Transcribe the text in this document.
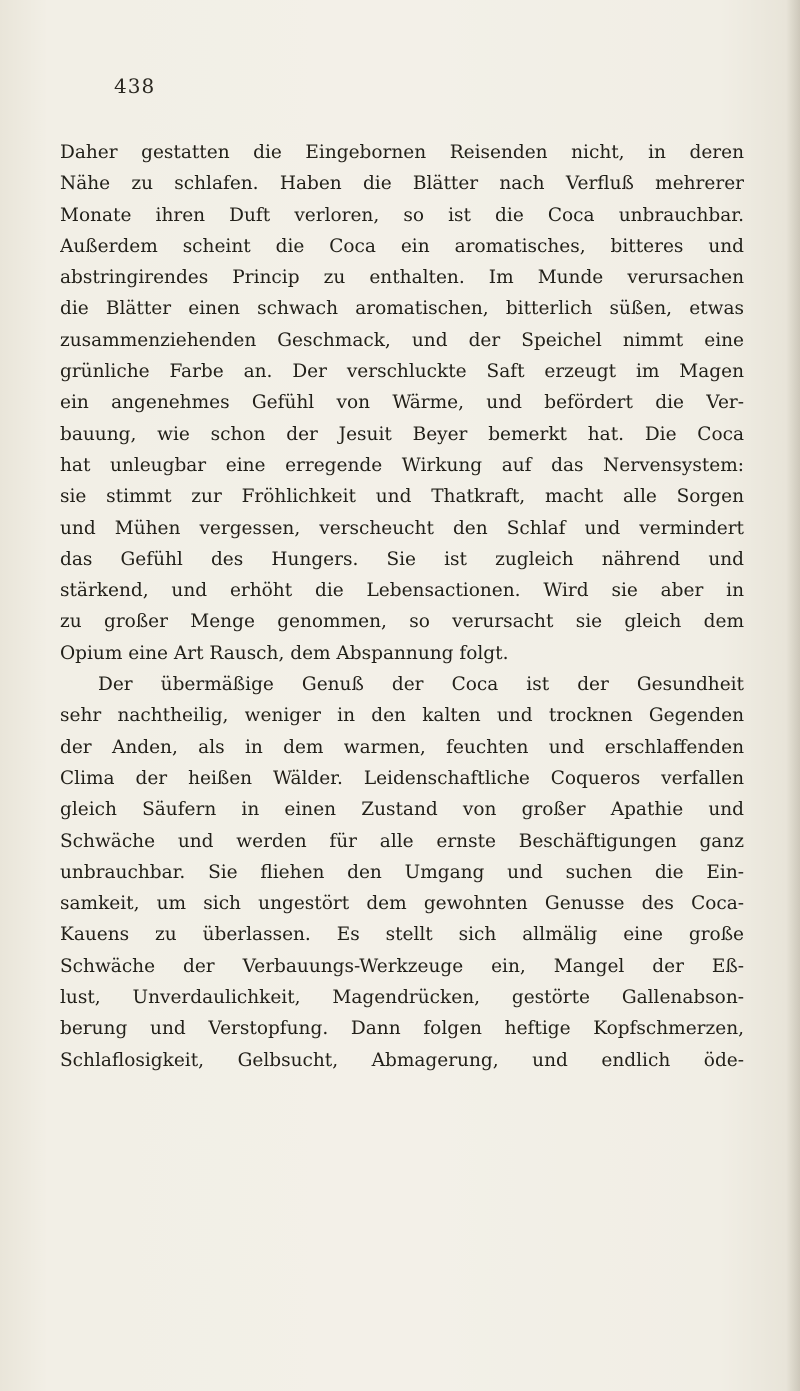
438
Daher gestatten die Eingebornen Reisenden nicht, in deren
Nähe zu schlafen. Haben die Blätter nach Verfluß mehrerer
Monate ihren Duft verloren, so ist die Coca unbrauchbar.
Außerdem scheint die Coca ein aromatisches, bitteres und
abstringirendes Princip zu enthalten. Im Munde verursachen
die Blätter einen schwach aromatischen, bitterlich süßen, etwas
zusammenziehenden Geschmack, und der Speichel nimmt eine
grünliche Farbe an. Der verschluckte Saft erzeugt im Magen
ein angenehmes Gefühl von Wärme, und befördert die Ver-
bauung, wie schon der Jesuit Beyer bemerkt hat. Die Coca
hat unleugbar eine erregende Wirkung auf das Nervensystem:
sie stimmt zur Fröhlichkeit und Thatkraft, macht alle Sorgen
und Mühen vergessen, verscheucht den Schlaf und vermindert
das Gefühl des Hungers. Sie ist zugleich nährend und
stärkend, und erhöht die Lebensactionen. Wird sie aber in
zu großer Menge genommen, so verursacht sie gleich dem
Opium eine Art Rausch, dem Abspannung folgt.
Der übermäßige Genuß der Coca ist der Gesundheit
sehr nachtheilig, weniger in den kalten und trocknen Gegenden
der Anden, als in dem warmen, feuchten und erschlaffenden
Clima der heißen Wälder. Leidenschaftliche Coqueros verfallen
gleich Säufern in einen Zustand von großer Apathie und
Schwäche und werden für alle ernste Beschäftigungen ganz
unbrauchbar. Sie fliehen den Umgang und suchen die Ein-
samkeit, um sich ungestört dem gewohnten Genusse des Coca-
Kauens zu überlassen. Es stellt sich allmälig eine große
Schwäche der Verbauungs-Werkzeuge ein, Mangel der Eß-
lust, Unverdaulichkeit, Magendrücken, gestörte Gallenabson-
berung und Verstopfung. Dann folgen heftige Kopfschmerzen,
Schlaflosigkeit, Gelbsucht, Abmagerung, und endlich öde-
